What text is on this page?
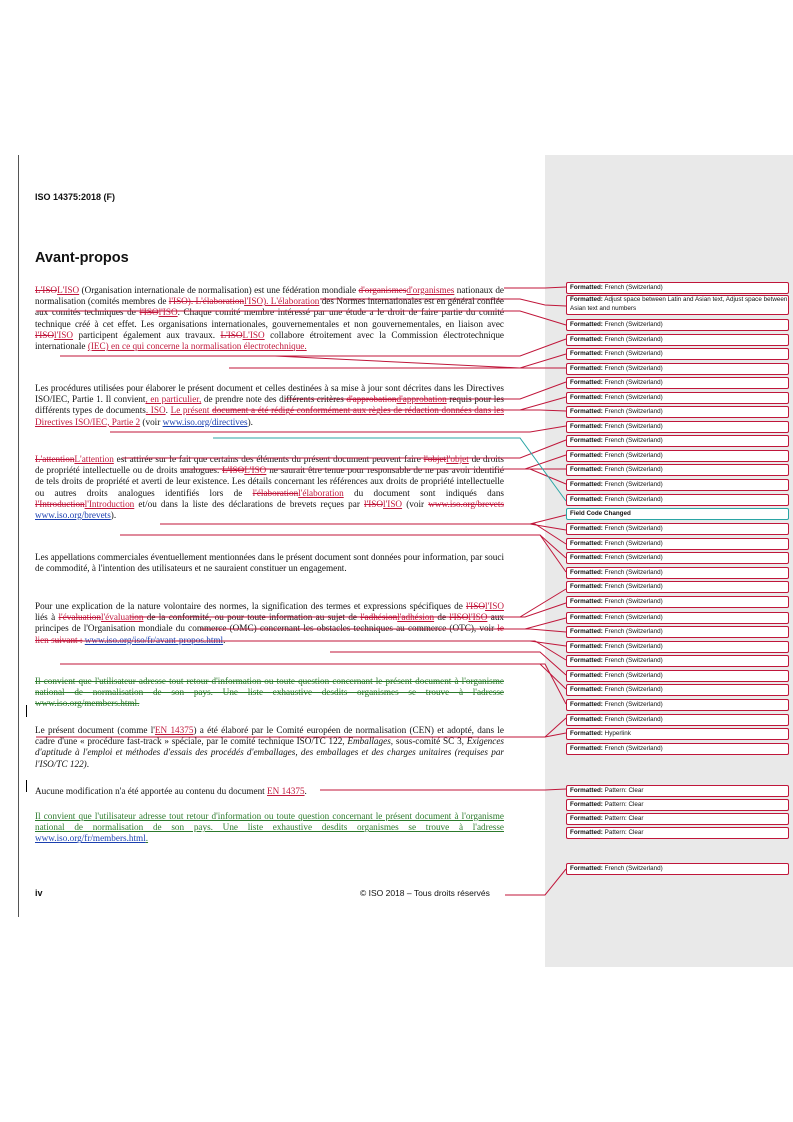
ISO 14375:2018 (F)
Avant-propos
L'ISOL'ISO (Organisation internationale de normalisation) est une fédération mondiale d'organismesd'organismes nationaux de normalisation (comités membres de l'ISO). L'élaborationl'ISO). L'élaboration des Normes internationales est en général confiée aux comités techniques de l'ISOl'ISO. Chaque comité membre intéressé par une étude a le droit de faire partie du comité technique créé à cet effet. Les organisations internationales, gouvernementales et non gouvernementales, en liaison avec l'ISOl'ISO participent également aux travaux. L'ISOL'ISO collabore étroitement avec la Commission électrotechnique internationale (IEC) en ce qui concerne la normalisation électrotechnique.
Les procédures utilisées pour élaborer le présent document et celles destinées à sa mise à jour sont décrites dans les Directives ISO/IEC, Partie 1. Il convient, en particulier, de prendre note des différents critères d'approbationd'approbation requis pour les différents types de documents. ISO. Le présent document a été rédigé conformément aux règles de rédaction données dans les Directives ISO/IEC, Partie 2 (voir www.iso.org/directives).
L'attentionL'attention est attirée sur le fait que certains des éléments du présent document peuvent faire l'objetl'objet de droits de propriété intellectuelle ou de droits analogues. L'ISOL'ISO ne saurait être tenue pour responsable de ne pas avoir identifié de tels droits de propriété et averti de leur existence. Les détails concernant les références aux droits de propriété intellectuelle ou autres droits analogues identifiés lors de l'élaborationl'élaboration du document sont indiqués dans l'Introductionl'Introduction et/ou dans la liste des déclarations de brevets reçues par l'ISOl'ISO (voir www.iso.org/brevets www.iso.org/brevets).
Les appellations commerciales éventuellement mentionnées dans le présent document sont données pour information, par souci de commodité, à l'intention des utilisateurs et ne sauraient constituer un engagement.
Pour une explication de la nature volontaire des normes, la signification des termes et expressions spécifiques de l'ISOl'ISO liés à l'évaluationl'évaluation de la conformité, ou pour toute information au sujet de l'adhésionl'adhésion de l'ISOl'ISO aux principes de l'Organisation mondiale du commerce (OMC) concernant les obstacles techniques au commerce (OTC), voir le lien suivant : www.iso.org/iso/fr/avant-propos.html.
Il convient que l'utilisateur adresse tout retour d'information ou toute question concernant le présent document à l'organisme national de normalisation de son pays. Une liste exhaustive desdits organismes se trouve à l'adresse www.iso.org/members.html.
Le présent document (comme l'EN 14375) a été élaboré par le Comité européen de normalisation (CEN) et adopté, dans le cadre d'une « procédure fast-track » spéciale, par le comité technique ISO/TC 122, Emballages, sous-comité SC 3, Exigences d'aptitude à l'emploi et méthodes d'essais des procédés d'emballages, des emballages et des charges unitaires (requises par l'ISO/TC 122).
Aucune modification n'a été apportée au contenu du document EN 14375.
Il convient que l'utilisateur adresse tout retour d'information ou toute question concernant le présent document à l'organisme national de normalisation de son pays. Une liste exhaustive desdits organismes se trouve à l'adresse www.iso.org/fr/members.html.
iv	© ISO 2018 – Tous droits réservés
Formatted: French (Switzerland)
Formatted: Adjust space between Latin and Asian text, Adjust space between Asian text and numbers
Formatted: French (Switzerland)
Formatted: French (Switzerland)
Formatted: French (Switzerland)
Formatted: French (Switzerland)
Formatted: French (Switzerland)
Formatted: French (Switzerland)
Formatted: French (Switzerland)
Formatted: French (Switzerland)
Formatted: French (Switzerland)
Formatted: French (Switzerland)
Formatted: French (Switzerland)
Formatted: French (Switzerland)
Formatted: French (Switzerland)
Field Code Changed
Formatted: French (Switzerland)
Formatted: French (Switzerland)
Formatted: French (Switzerland)
Formatted: French (Switzerland)
Formatted: French (Switzerland)
Formatted: French (Switzerland)
Formatted: French (Switzerland)
Formatted: French (Switzerland)
Formatted: French (Switzerland)
Formatted: French (Switzerland)
Formatted: French (Switzerland)
Formatted: French (Switzerland)
Formatted: French (Switzerland)
Formatted: French (Switzerland)
Formatted: Hyperlink
Formatted: French (Switzerland)
Formatted: Pattern: Clear
Formatted: Pattern: Clear
Formatted: Pattern: Clear
Formatted: Pattern: Clear
Formatted: French (Switzerland)
